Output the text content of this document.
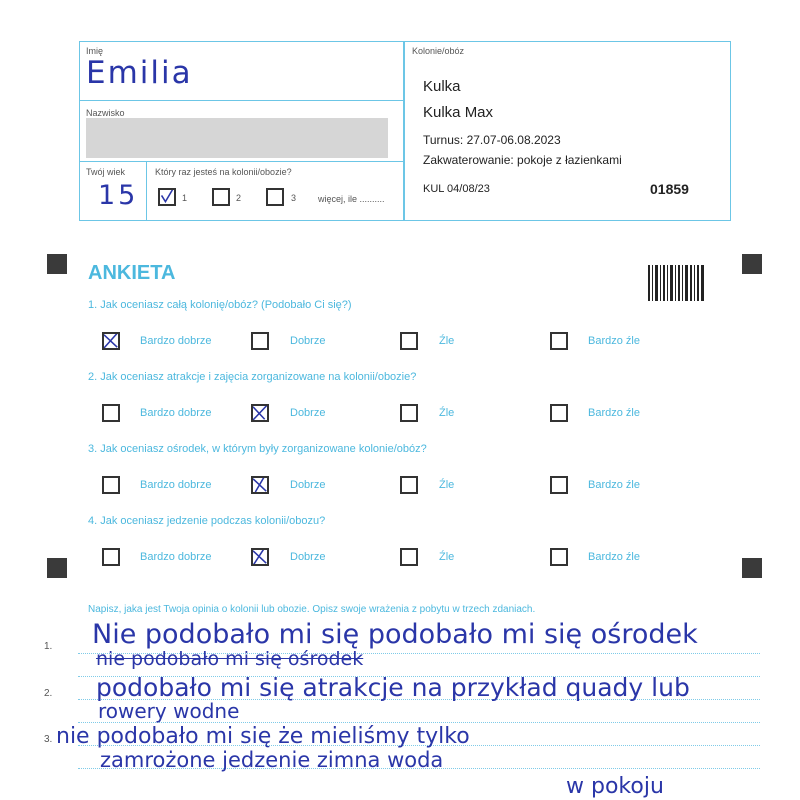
Imię
Emilia
Nazwisko
Twój wiek
15
Który raz jesteś na kolonii/obozie?
1	2	3 więcej, ile ..........
Kolonie/obóz
Kulka
Kulka Max
Turnus: 27.07-06.08.2023
Zakwaterowanie: pokoje z łazienkami
KUL 04/08/23	01859
ANKIETA
1. Jak oceniasz całą kolonię/obóz? (Podobało Ci się?)
Bardzo dobrze	Dobrze	Źle	Bardzo źle
2. Jak oceniasz atrakcje i zajęcia zorganizowane na kolonii/obozie?
Bardzo dobrze	Dobrze	Źle	Bardzo źle
3. Jak oceniasz ośrodek, w którym były zorganizowane kolonie/obóz?
Bardzo dobrze	Dobrze	Źle	Bardzo źle
4. Jak oceniasz jedzenie podczas kolonii/obozu?
Bardzo dobrze	Dobrze	Źle	Bardzo źle
Napisz, jaka jest Twoja opinia o kolonii lub obozie. Opisz swoje wrażenia z pobytu w trzech zdaniach.
1.
2.
3.
Nie podobało mi się podobało mi się ośrodek
nie podobało mi się ośrodek
podobało mi się atrakcje na przykład quady lub
rowery wodne
nie podobało mi się że mieliśmy tylko
zamrożone jedzenie zimna woda
w pokoju
